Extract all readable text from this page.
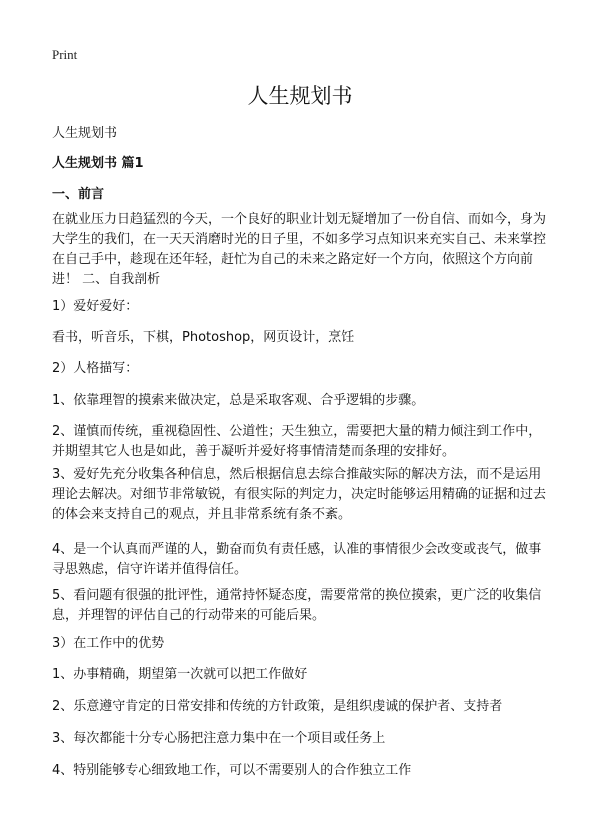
Print
人生规划书
人生规划书
人生规划书 篇1
一、前言

在就业压力日趋猛烈的今天，一个良好的职业计划无疑增加了一份自信、而如今，身为大学生的我们，在一天天消磨时光的日子里，不如多学习点知识来充实自己、未来掌控在自己手中，趁现在还年轻，赶忙为自己的未来之路定好一个方向，依照这个方向前进！ 二、自我剖析

1）爱好爱好：
看书，听音乐，下棋，Photoshop，网页设计，烹饪
2）人格描写：

1、依靠理智的摸索来做决定，总是采取客观、合乎逻辑的步骤。

2、谨慎而传统，重视稳固性、公道性；天生独立，需要把大量的精力倾注到工作中，并期望其它人也是如此，善于凝听并爱好将事情清楚而条理的安排好。

3、爱好先充分收集各种信息，然后根据信息去综合推敲实际的解决方法，而不是运用理论去解决。对细节非常敏锐，有很实际的判定力，决定时能够运用精确的证据和过去的体会来支持自己的观点，并且非常系统有条不紊。

4、是一个认真而严谨的人，勤奋而负有责任感，认准的事情很少会改变或丧气，做事寻思熟虑，信守许诺并值得信任。

5、看问题有很强的批评性，通常持怀疑态度，需要常常的换位摸索，更广泛的收集信息，并理智的评估自己的行动带来的可能后果。

3）在工作中的优势
1、办事精确，期望第一次就可以把工作做好
2、乐意遵守肯定的日常安排和传统的方针政策，是组织虔诚的保护者、支持者
3、每次都能十分专心肠把注意力集中在一个项目或任务上
4、特别能够专心细致地工作，可以不需要别人的合作独立工作
